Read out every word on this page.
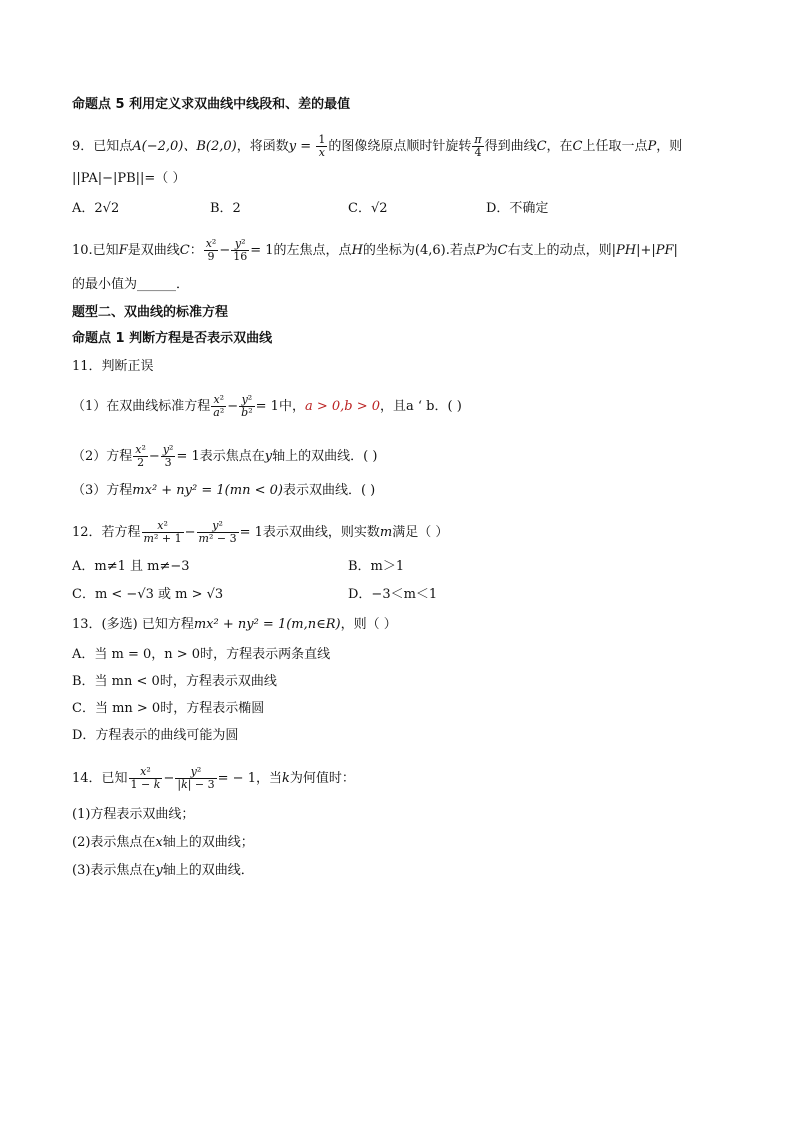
命题点 5 利用定义求双曲线中线段和、差的最值
9．已知点A(−2,0)、B(2,0)，将函数$y = \frac{1}{x}$ 的图像绕原点顺时针旋转 $\frac{\pi}{4}$ 得到曲线C，在C上任取一点P，则
||PA|−|PB||=（ ）
A．2√2	B．2	C．√2	D．不确定
10.已知F是双曲线C： $\frac{\text{x²}}{9} - \frac{\text{y²}}{16} = 1$的左焦点，点H的坐标为(4,6).若点P为C右支上的动点，则|PH|+|PF|
的最小值为______．
题型二、双曲线的标准方程
命题点 1 判断方程是否表示双曲线
11．判断正误
（1）在双曲线标准方程 $\frac{\text{x²}}{\text{a²}} - \frac{\text{y²}}{\text{b²}} = 1$中，a > 0,b > 0，且a ‘ b．( )
（2）方程 $\frac{\text{x²}}{2} - \frac{\text{y²}}{3} = 1$表示焦点在y轴上的双曲线．( )
（3）方程mx² + ny² = 1(mn < 0)表示双曲线．( )
12．若方程 $\frac{\text{x²}}{\text{m² + 1}} - \frac{\text{y²}}{\text{m² − 3}} = 1$表示双曲线，则实数m满足（ ）
A．m≠1 且 m≠−3	B．m＞1
C．m < −√3 或 m > √3	D．−3＜m＜1
13．(多选) 已知方程mx² + ny² = 1(m,n∈R)，则（ ）
A．当 m = 0，n > 0时，方程表示两条直线
B．当 mn < 0时，方程表示双曲线
C．当 mn > 0时，方程表示椭圆
D．方程表示的曲线可能为圆
14．已知 $\frac{\text{x²}}{1 - k} - \frac{\text{y²}}{|k| - 3}$ = − 1，当k为何值时：
(1)方程表示双曲线；
(2)表示焦点在x轴上的双曲线；
(3)表示焦点在y轴上的双曲线．
